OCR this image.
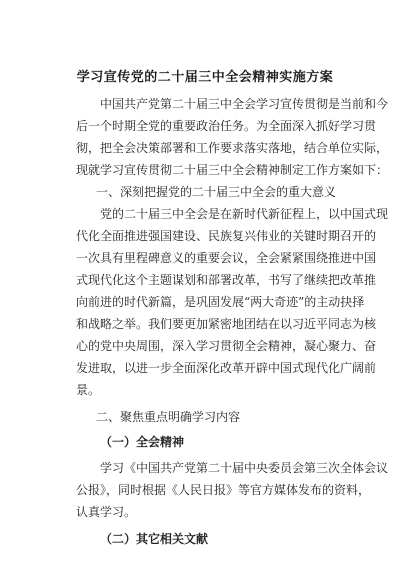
学习宣传党的二十届三中全会精神实施方案
中国共产党第二十届三中全会学习宣传贯彻是当前和今
后一个时期全党的重要政治任务。为全面深入抓好学习贯
彻，把全会决策部署和工作要求落实落地，结合单位实际，
现就学习宣传贯彻二十届三中全会精神制定工作方案如下：
一、深刻把握党的二十届三中全会的重大意义
党的二十届三中全会是在新时代新征程上，以中国式现
代化全面推进强国建设、民族复兴伟业的关键时期召开的
一次具有里程碑意义的重要会议，全会紧紧围绕推进中国
式现代化这个主题谋划和部署改革，书写了继续把改革推
向前进的时代新篇，是巩固发展“两大奇迹”的主动抉择
和战略之举。我们要更加紧密地团结在以习近平同志为核
心的党中央周围，深入学习贯彻全会精神，凝心聚力、奋
发进取，以进一步全面深化改革开辟中国式现代化广阔前
景。
二、聚焦重点明确学习内容
（一）全会精神
学习《中国共产党第二十届中央委员会第三次全体会议
公报》，同时根据《人民日报》等官方媒体发布的资料，
认真学习。
（二）其它相关文献
